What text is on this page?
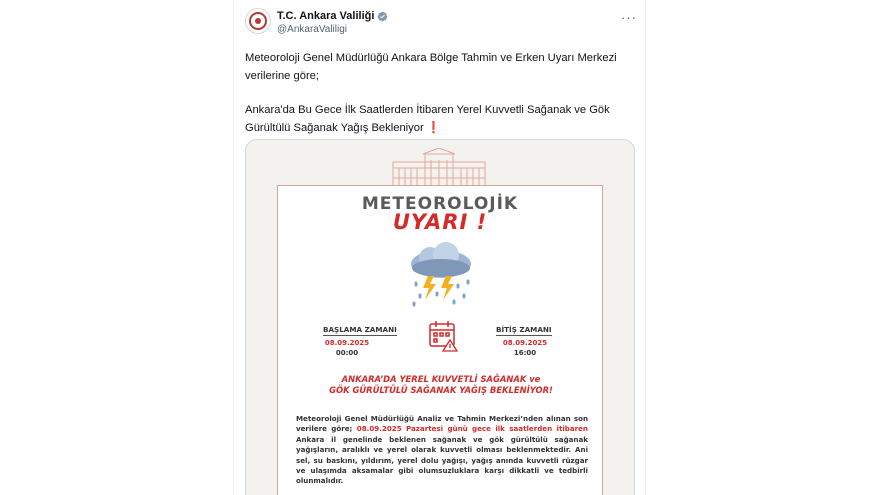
T.C. Ankara Valiliği
@AnkaraValiligi
···
Meteoroloji Genel Müdürlüğü Ankara Bölge Tahmin ve Erken Uyarı Merkezi verilerine göre;
Ankara'da Bu Gece İlk Saatlerden İtibaren Yerel Kuvvetli Sağanak ve Gök Gürültülü Sağanak Yağış Bekleniyor ❗
METEOROLOJİK
UYARI !
BAŞLAMA ZAMANI
08.09.2025
00:00
BİTİŞ ZAMANI
08.09.2025
16:00
ANKARA’DA YEREL KUVVETLİ SAĞANAK ve
GÖK GÜRÜLTÜLÜ SAĞANAK YAĞIŞ BEKLENİYOR!
Meteoroloji Genel Müdürlüğü Analiz ve Tahmin Merkezi’nden alınan son verilere göre; 08.09.2025 Pazartesi günü gece ilk saatlerden itibaren Ankara il genelinde beklenen sağanak ve gök gürültülü sağanak yağışların, aralıklı ve yerel olarak kuvvetli olması beklenmektedir. Ani sel, su baskını, yıldırım, yerel dolu yağışı, yağış anında kuvvetli rüzgar ve ulaşımda aksamalar gibi olumsuzluklara karşı dikkatli ve tedbirli olunmalıdır.
